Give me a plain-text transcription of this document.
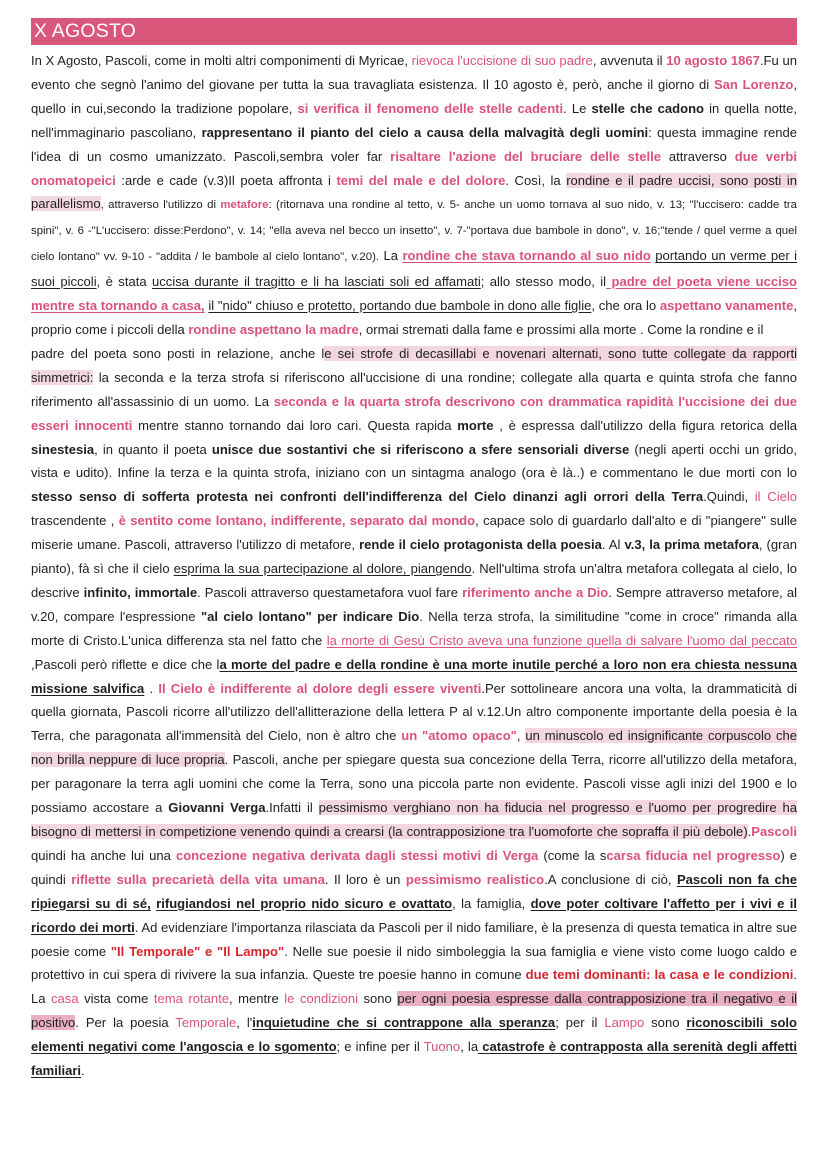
X AGOSTO

In X Agosto, Pascoli, come in molti altri componimenti di Myricae, rievoca l'uccisione di suo padre, avvenuta il 10 agosto 1867.Fu un evento che segnò l'animo del giovane per tutta la sua travagliata esistenza. Il 10 agosto è, però, anche il giorno di San Lorenzo, quello in cui,secondo la tradizione popolare, si verifica il fenomeno delle stelle cadenti. Le stelle che cadono in quella notte, nell'immaginario pascoliano, rappresentano il pianto del cielo a causa della malvagità degli uomini: questa immagine rende l'idea di un cosmo umanizzato. Pascoli,sembra voler far risaltare l'azione del bruciare delle stelle attraverso due verbi onomatopeici :arde e cade (v.3)Il poeta affronta i temi del male e del dolore. Così, la rondine e il padre uccisi, sono posti in parallelismo, attraverso l'utilizzo di metafore: (ritornava una rondine al tetto, v. 5- anche un uomo tornava al suo nido, v. 13; "l'uccisero: cadde tra spini", v. 6 -"L'uccisero: disse:Perdono", v. 14; "ella aveva nel becco un insetto", v. 7-"portava due bambole in dono", v. 16;"tende / quel verme a quel cielo lontano" vv. 9-10 - "addita / le bambole al cielo lontano", v.20). La rondine che stava tornando al suo nido portando un verme per i suoi piccoli, è stata uccisa durante il tragitto e li ha lasciati soli ed affamati; allo stesso modo, il padre del poeta viene ucciso mentre sta tornando a casa, il "nido" chiuso e protetto, portando due bambole in dono alle figlie, che ora lo aspettano vanamente, proprio come i piccoli della rondine aspettano la madre, ormai stremati dalla fame e prossimi alla morte . Come la rondine e il
padre del poeta sono posti in relazione, anche le sei strofe di decasillabi e novenari alternati, sono tutte collegate da rapporti simmetrici: la seconda e la terza strofa si riferiscono all'uccisione di una rondine; collegate alla quarta e quinta strofa che fanno riferimento all'assassinio di un uomo. La seconda e la quarta strofa descrivono con drammatica rapidità l'uccisione dei due esseri innocenti mentre stanno tornando dai loro cari. Questa rapida morte , è espressa dall'utilizzo della figura retorica della sinestesia, in quanto il poeta unisce due sostantivi che si riferiscono a sfere sensoriali diverse (negli aperti occhi un grido, vista e udito). Infine la terza e la quinta strofa, iniziano con un sintagma analogo (ora è là..) e commentano le due morti con lo stesso senso di sofferta protesta nei confronti dell'indifferenza del Cielo dinanzi agli orrori della Terra.Quindi, il Cielo trascendente , è sentito come lontano, indifferente, separato dal mondo, capace solo di guardarlo dall'alto e di "piangere" sulle miserie umane. Pascoli, attraverso l'utilizzo di metafore, rende il cielo protagonista della poesia. Al v.3, la prima metafora, (gran pianto), fà sì che il cielo esprima la sua partecipazione al dolore, piangendo. Nell'ultima strofa un'altra metafora collegata al cielo, lo descrive infinito, immortale. Pascoli attraverso questametafora vuol fare riferimento anche a Dio. Sempre attraverso metafore, al v.20, compare l'espressione "al cielo lontano" per indicare Dio. Nella terza strofa, la similitudine "come in croce" rimanda alla morte di Cristo.L'unica differenza sta nel fatto che la morte di Gesù Cristo aveva una funzione quella di salvare l'uomo dal peccato ,Pascoli però riflette e dice che la morte del padre e della rondine è una morte inutile perché a loro non era chiesta nessuna missione salvifica . Il Cielo è indifferente al dolore degli essere viventi.Per sottolineare ancora una volta, la drammaticità di quella giornata, Pascoli ricorre all'utilizzo dell'allitterazione della lettera P al v.12.Un altro componente importante della poesia è la Terra, che paragonata all'immensità del Cielo, non è altro che un "atomo opaco", un minuscolo ed insignificante corpuscolo che non brilla neppure di luce propria. Pascoli, anche per spiegare questa sua concezione della Terra, ricorre all'utilizzo della metafora, per paragonare la terra agli uomini che come la Terra, sono una piccola parte non evidente. Pascoli visse agli inizi del 1900 e lo possiamo accostare a Giovanni Verga.Infatti il pessimismo verghiano non ha fiducia nel progresso e l'uomo per progredire ha bisogno di mettersi in competizione venendo quindi a crearsi (la contrapposizione tra l'uomoforte che sopraffa il più debole).Pascoli quindi ha anche lui una concezione negativa derivata dagli stessi motivi di Verga (come la scarsa fiducia nel progresso) e quindi riflette sulla precarietà della vita umana. Il loro è un pessimismo realistico.A conclusione di ciò, Pascoli non fa che ripiegarsi su di sé, rifugiandosi nel proprio nido sicuro e ovattato, la famiglia, dove poter coltivare l'affetto per i vivi e il ricordo dei morti. Ad evidenziare l'importanza rilasciata da Pascoli per il nido familiare, è la presenza di questa tematica in altre sue poesie come "Il Temporale" e "Il Lampo". Nelle sue poesie il nido simboleggia la sua famiglia e viene visto come luogo caldo e protettivo in cui spera di rivivere la sua infanzia. Queste tre poesie hanno in comune due temi dominanti: la casa e le condizioni. La casa vista come tema rotante, mentre le condizioni sono per ogni poesia espresse dalla contrapposizione tra il negativo e il positivo. Per la poesia Temporale, l'inquietudine che si contrappone alla speranza; per il Lampo sono riconoscibili solo elementi negativi come l'angoscia e lo sgomento; e infine per il Tuono, la catastrofe è contrapposta alla serenità degli affetti familiari.
